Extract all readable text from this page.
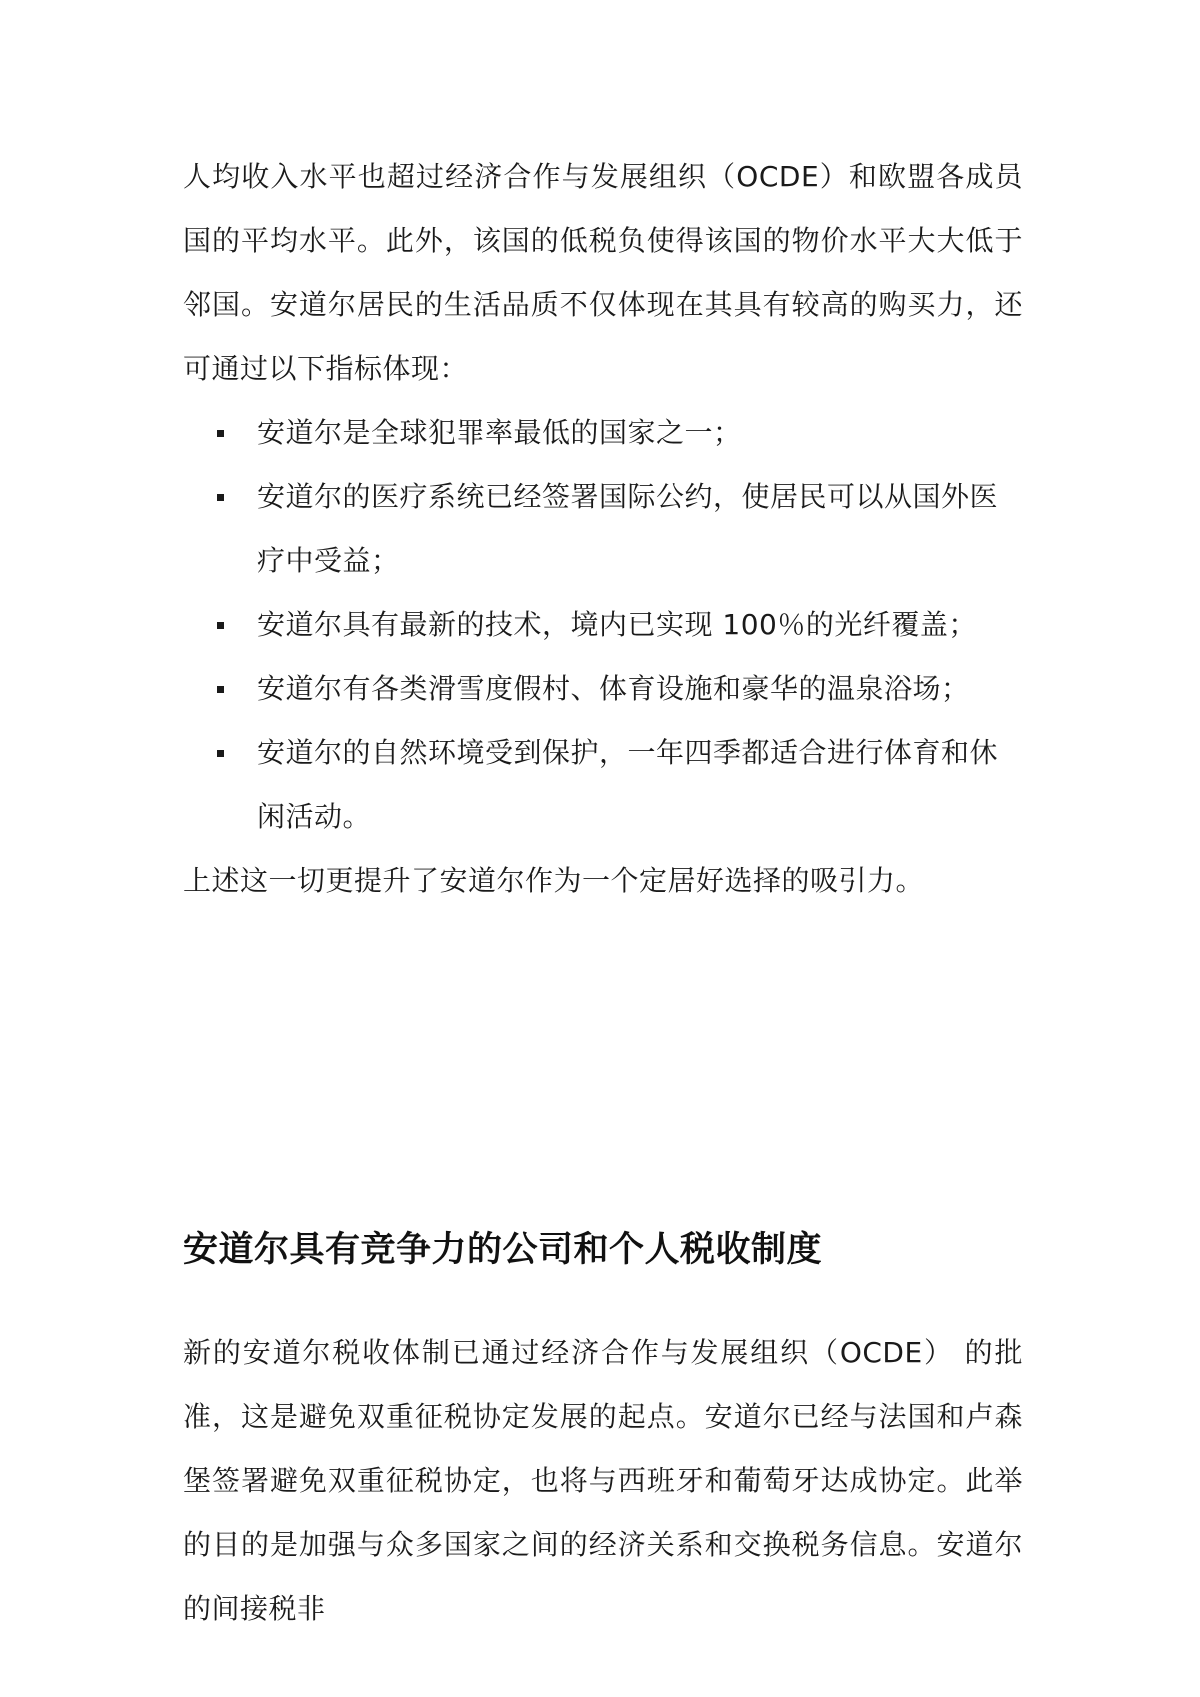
人均收入水平也超过经济合作与发展组织（OCDE）和欧盟各成员国的平均水平。此外，该国的低税负使得该国的物价水平大大低于邻国。安道尔居民的生活品质不仅体现在其具有较高的购买力，还可通过以下指标体现：

安道尔是全球犯罪率最低的国家之一；
安道尔的医疗系统已经签署国际公约，使居民可以从国外医疗中受益；
安道尔具有最新的技术，境内已实现 100％的光纤覆盖；
安道尔有各类滑雪度假村、体育设施和豪华的温泉浴场；
安道尔的自然环境受到保护，一年四季都适合进行体育和休闲活动。

上述这一切更提升了安道尔作为一个定居好选择的吸引力。

安道尔具有竞争力的公司和个人税收制度

新的安道尔税收体制已通过经济合作与发展组织（OCDE） 的批准，这是避免双重征税协定发展的起点。安道尔已经与法国和卢森堡签署避免双重征税协定，也将与西班牙和葡萄牙达成协定。此举的目的是加强与众多国家之间的经济关系和交换税务信息。安道尔的间接税非
